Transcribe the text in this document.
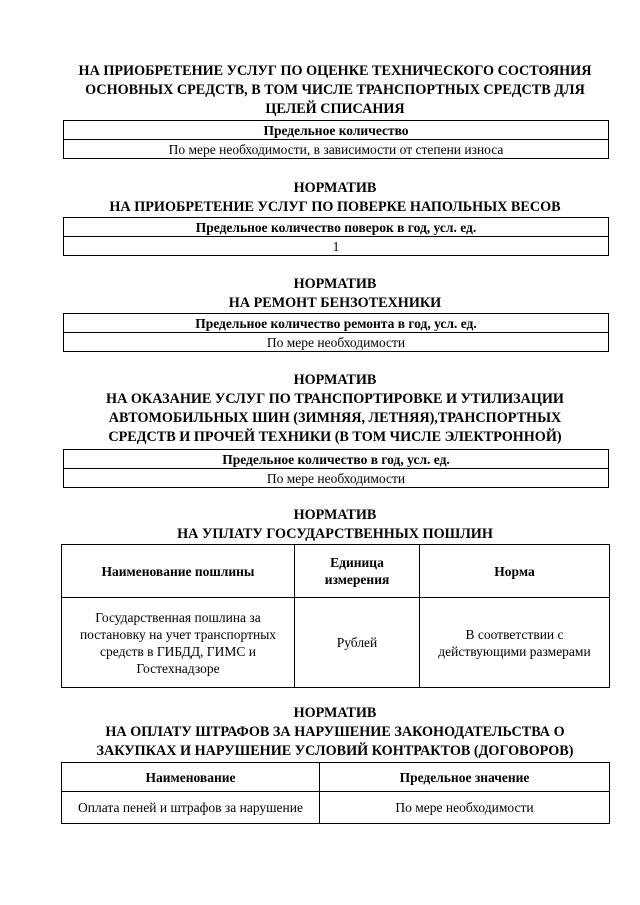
НА ПРИОБРЕТЕНИЕ УСЛУГ ПО ОЦЕНКЕ ТЕХНИЧЕСКОГО СОСТОЯНИЯ
ОСНОВНЫХ СРЕДСТВ, В ТОМ ЧИСЛЕ ТРАНСПОРТНЫХ СРЕДСТВ ДЛЯ
ЦЕЛЕЙ СПИСАНИЯ
Предельное количество
По мере необходимости, в зависимости от степени износа
НОРМАТИВ
НА ПРИОБРЕТЕНИЕ УСЛУГ ПО ПОВЕРКЕ НАПОЛЬНЫХ ВЕСОВ
Предельное количество поверок в год, усл. ед.
1
НОРМАТИВ
НА РЕМОНТ БЕНЗОТЕХНИКИ
Предельное количество ремонта в год, усл. ед.
По мере необходимости
НОРМАТИВ
НА ОКАЗАНИЕ УСЛУГ ПО ТРАНСПОРТИРОВКЕ И УТИЛИЗАЦИИ
АВТОМОБИЛЬНЫХ ШИН (ЗИМНЯЯ, ЛЕТНЯЯ),ТРАНСПОРТНЫХ
СРЕДСТВ И ПРОЧЕЙ ТЕХНИКИ (В ТОМ ЧИСЛЕ ЭЛЕКТРОННОЙ)
Предельное количество в год, усл. ед.
По мере необходимости
НОРМАТИВ
НА УПЛАТУ ГОСУДАРСТВЕННЫХ ПОШЛИН
Наименование пошлины	Единица измерения	Норма
Государственная пошлина за постановку на учет транспортных средств в ГИБДД, ГИМС и Гостехнадзоре	Рублей	В соответствии с действующими размерами
НОРМАТИВ
НА ОПЛАТУ ШТРАФОВ ЗА НАРУШЕНИЕ ЗАКОНОДАТЕЛЬСТВА О
ЗАКУПКАХ И НАРУШЕНИЕ УСЛОВИЙ КОНТРАКТОВ (ДОГОВОРОВ)
Наименование	Предельное значение
Оплата пеней и штрафов за нарушение	По мере необходимости
